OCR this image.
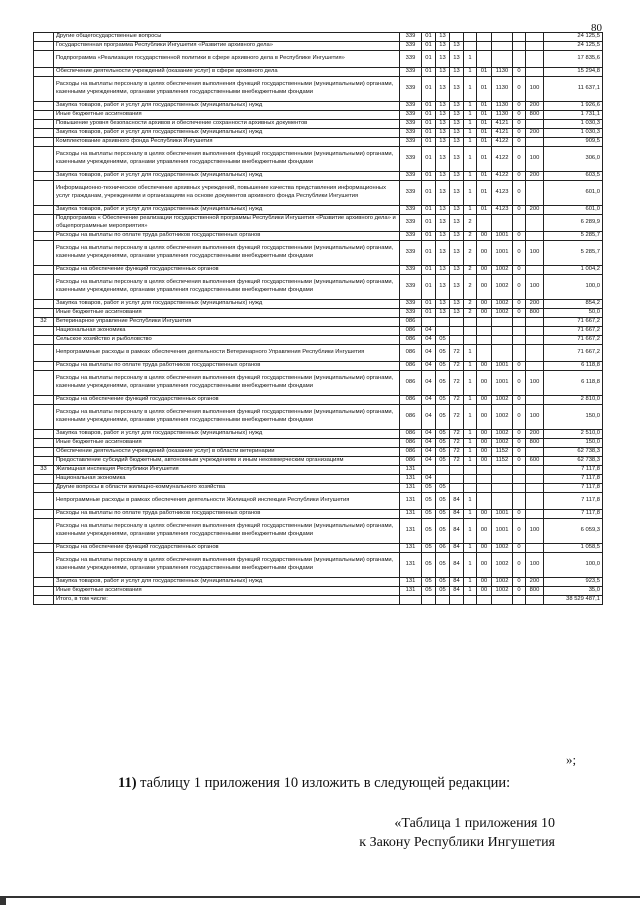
80
	Другие общегосударственные вопросы	339	01	13							24 125,5
	Государственная программа Республики Ингушетия «Развитие архивного дела»	339	01	13	13						24 125,5
	Подпрограмма «Реализация государственной политики в сфере архивного дела в Республике Ингушетия»	339	01	13	13	1					17 835,6
	Обеспечение деятельности учреждений (оказание услуг) в сфере архивного дела	339	01	13	13	1	01	1130	0		15 294,8
	Расходы на выплаты персоналу в целях обеспечения выполнения функций государственными (муниципальными) органами, казенными учреждениями, органами управления государственными внебюджетными фондами	339	01	13	13	1	01	1130	0	100	11 637,1
	Закупка товаров, работ и услуг для государственных (муниципальных) нужд	339	01	13	13	1	01	1130	0	200	1 926,6
	Иные бюджетные ассигнования	339	01	13	13	1	01	1130	0	800	1 731,1
	Повышение уровня безопасности архивов и обеспечение сохранности архивных документов	339	01	13	13	1	01	4121	0		1 030,3
	Закупка товаров, работ и услуг для государственных (муниципальных) нужд	339	01	13	13	1	01	4121	0	200	1 030,3
	Комплектование архивного фонда Республики Ингушетия	339	01	13	13	1	01	4122	0		909,5
	Расходы на выплаты персоналу в целях обеспечения выполнения функций государственными (муниципальными) органами, казенными учреждениями, органами управления государственными внебюджетными фондами	339	01	13	13	1	01	4122	0	100	306,0
	Закупка товаров, работ и услуг для государственных (муниципальных) нужд	339	01	13	13	1	01	4122	0	200	603,5
	Информационно-техническое обеспечение архивных учреждений, повышение качества представления информационных услуг гражданам, учреждениям и организациям на основе документов архивного фонда Республики Ингушетия	339	01	13	13	1	01	4123	0		601,0
	Закупка товаров, работ и услуг для государственных (муниципальных) нужд	339	01	13	13	1	01	4123	0	200	601,0
	Подпрограмма « Обеспечение реализации государственной программы Республики Ингушетия «Развитие архивного дела» и общепрограммные мероприятия»	339	01	13	13	2					6 289,9
	Расходы на выплаты по оплате труда работников государственных органов	339	01	13	13	2	00	1001	0		5 285,7
	Расходы на выплаты персоналу в целях обеспечения выполнения функций государственными (муниципальными) органами, казенными учреждениями, органами управления государственными внебюджетными фондами	339	01	13	13	2	00	1001	0	100	5 285,7
	Расходы на обеспечение функций государственных органов	339	01	13	13	2	00	1002	0		1 004,2
	Расходы на выплаты персоналу в целях обеспечения выполнения функций государственными (муниципальными) органами, казенными учреждениями, органами управления государственными внебюджетными фондами	339	01	13	13	2	00	1002	0	100	100,0
	Закупка товаров, работ и услуг для государственных (муниципальных) нужд	339	01	13	13	2	00	1002	0	200	854,2
	Иные бюджетные ассигнования	339	01	13	13	2	00	1002	0	800	50,0
32	Ветеринарное управление Республики Ингушетия	086									71 667,2
	Национальная экономика	086	04								71 667,2
	Сельское хозяйство и рыболовство	086	04	05							71 667,2
	Непрограммные расходы в рамках обеспечения деятельности Ветеринарного Управления Республики Ингушетия	086	04	05	72	1					71 667,2
	Расходы на выплаты по оплате труда работников государственных органов	086	04	05	72	1	00	1001	0		6 118,8
	Расходы на выплаты персоналу в целях обеспечения выполнения функций государственными (муниципальными) органами, казенными учреждениями, органами управления государственными внебюджетными фондами	086	04	05	72	1	00	1001	0	100	6 118,8
	Расходы на обеспечение функций государственных органов	086	04	05	72	1	00	1002	0		2 810,0
	Расходы на выплаты персоналу в целях обеспечения выполнения функций государственными (муниципальными) органами, казенными учреждениями, органами управления государственными внебюджетными фондами	086	04	05	72	1	00	1002	0	100	150,0
	Закупка товаров, работ и услуг для государственных (муниципальных) нужд	086	04	05	72	1	00	1002	0	200	2 510,0
	Иные бюджетные ассигнования	086	04	05	72	1	00	1002	0	800	150,0
	Обеспечение деятельности учреждений (оказание услуг) в области ветеринарии	086	04	05	72	1	00	1152	0		62 738,3
	Предоставление субсидий бюджетным, автономным учреждениям и иным некоммерческим организациям	086	04	05	72	1	00	1152	0	600	62 738,3
33	Жилищная инспекция Республики Ингушетия	131									7 117,8
	Национальная экономика	131	04								7 117,8
	Другие вопросы в области жилищно-коммунального хозяйства	131	05	05							7 117,8
	Непрограммные расходы в рамках обеспечения деятельности Жилищной инспекции Республики Ингушетия	131	05	05	84	1					7 117,8
	Расходы на выплаты по оплате труда работников государственных органов	131	05	05	84	1	00	1001	0		7 117,8
	Расходы на выплаты персоналу в целях обеспечения выполнения функций государственными (муниципальными) органами, казенными учреждениями, органами управления государственными внебюджетными фондами	131	05	05	84	1	00	1001	0	100	6 059,3
	Расходы на обеспечение функций государственных органов	131	05	06	84	1	00	1002	0		1 058,5
	Расходы на выплаты персоналу в целях обеспечения выполнения функций государственными (муниципальными) органами, казенными учреждениями, органами управления государственными внебюджетными фондами	131	05	05	84	1	00	1002	0	100	100,0
	Закупка товаров, работ и услуг для государственных (муниципальных) нужд	131	05	05	84	1	00	1002	0	200	923,5
	Иные бюджетные ассигнования	131	05	05	84	1	00	1002	0	800	35,0
	Итого, в том числе:										38 529 487,1
»;
11) таблицу 1 приложения 10 изложить в следующей редакции:
«Таблица 1 приложения 10
к Закону Республики Ингушетия
